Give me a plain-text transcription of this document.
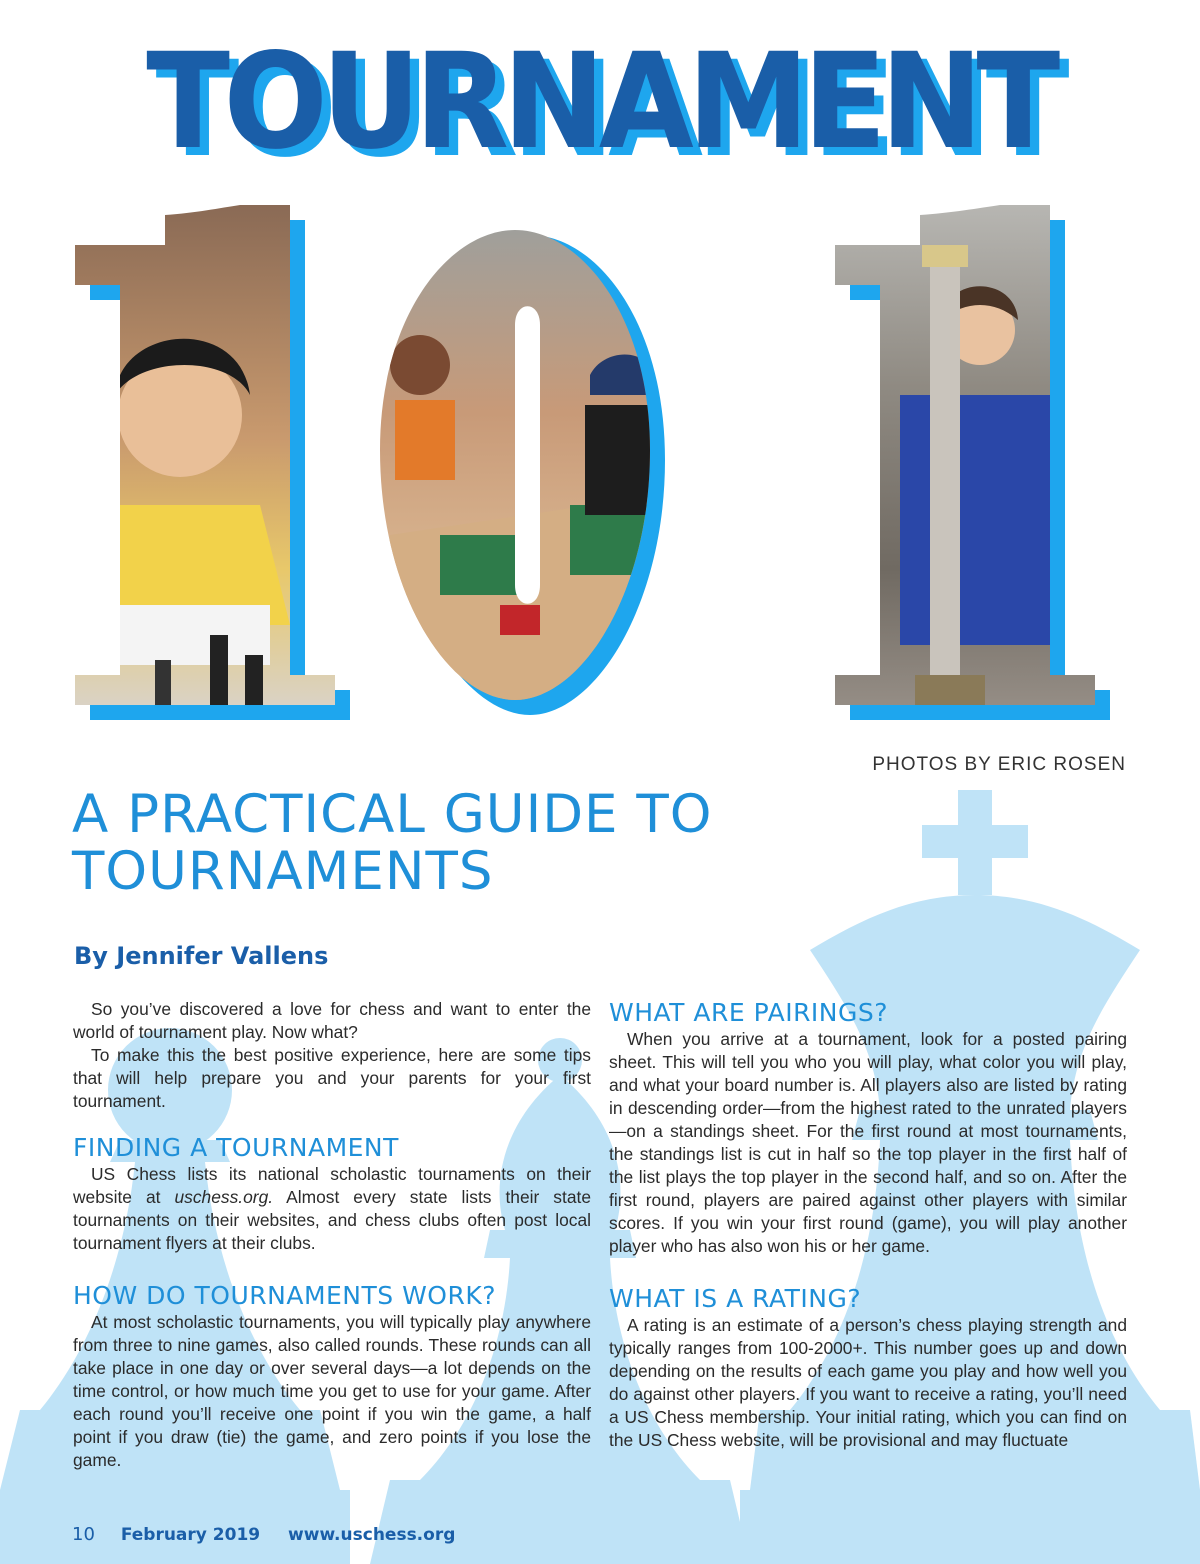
TOURNAMENT
PHOTOS BY ERIC ROSEN
A PRACTICAL GUIDE TO
TOURNAMENTS
By Jennifer Vallens

So you’ve discovered a love for chess and want to enter the world of tournament play. Now what?

To make this the best positive experience, here are some tips that will help prepare you and your parents for your first tournament.

FINDING A TOURNAMENT

US Chess lists its national scholastic tournaments on their website at uschess.org. Almost every state lists their state tournaments on their websites, and chess clubs often post local tournament flyers at their clubs.

HOW DO TOURNAMENTS WORK?

At most scholastic tournaments, you will typically play anywhere from three to nine games, also called rounds. These rounds can all take place in one day or over several days—a lot depends on the time control, or how much time you get to use for your game. After each round you’ll receive one point if you win the game, a half point if you draw (tie) the game, and zero points if you lose the game.

WHAT ARE PAIRINGS?

When you arrive at a tournament, look for a posted pairing sheet. This will tell you who you will play, what color you will play, and what your board number is. All players also are listed by rating in descending order—from the highest rated to the unrated players—on a standings sheet. For the first round at most tournaments, the standings list is cut in half so the top player in the first half of the list plays the top player in the second half, and so on. After the first round, players are paired against other players with similar scores. If you win your first round (game), you will play another player who has also won his or her game.

WHAT IS A RATING?

A rating is an estimate of a person’s chess playing strength and typically ranges from 100-2000+. This number goes up and down depending on the results of each game you play and how well you do against other players. If you want to receive a rating, you’ll need a US Chess membership. Your initial rating, which you can find on the US Chess website, will be provisional and may fluctuate

10 February 2019 www.uschess.org
